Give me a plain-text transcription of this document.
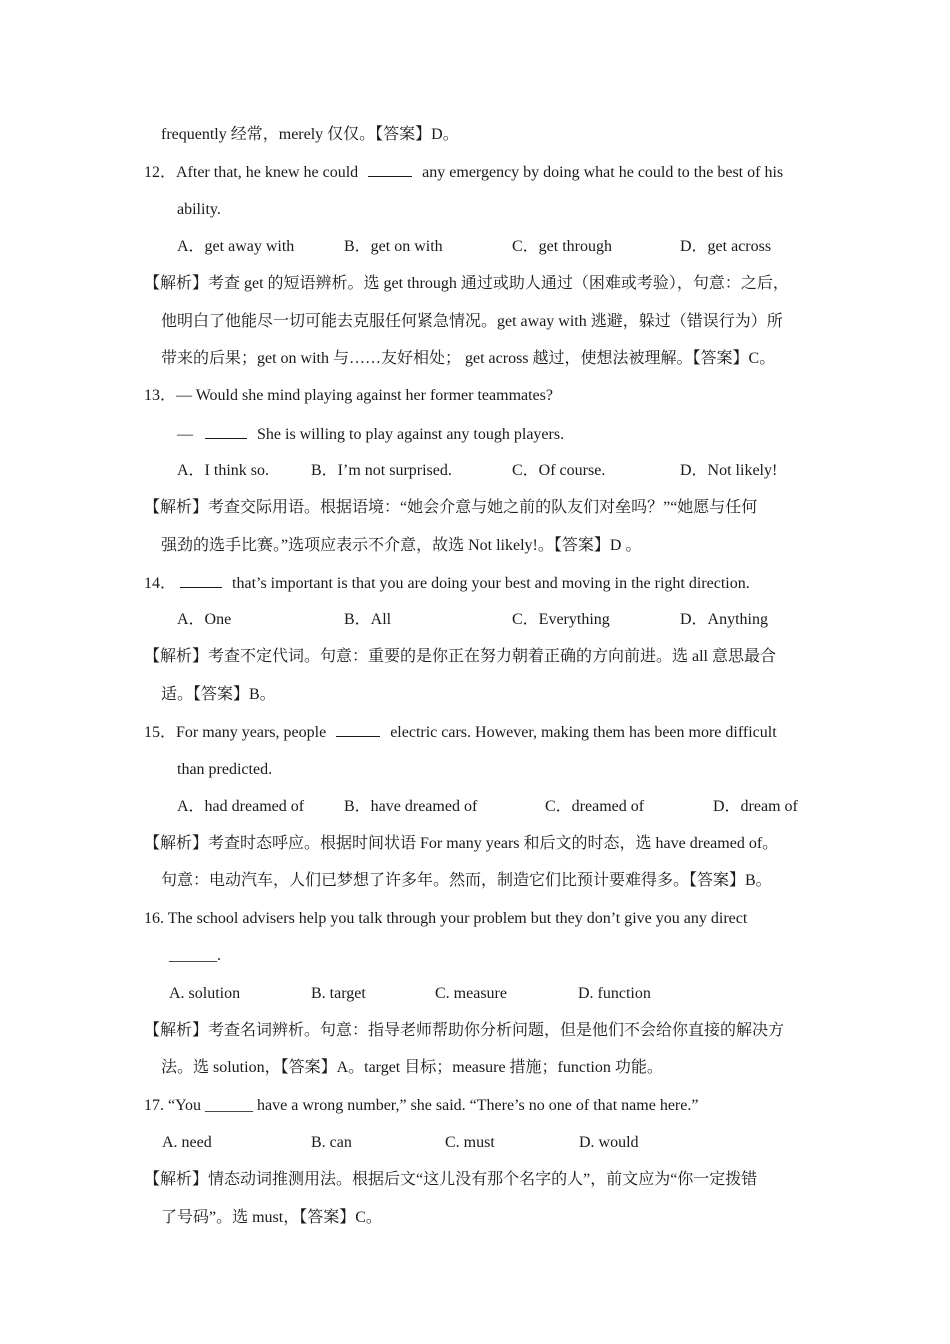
frequently 经常，merely 仅仅。【答案】D。
12．After that, he knew he could	any emergency by doing what he could to the best of his
ability.
A．get away with	B．get on with	C．get through	D．get across
【解析】考查 get 的短语辨析。选 get through 通过或助人通过（困难或考验），句意：之后，
他明白了他能尽一切可能去克服任何紧急情况。get away with 逃避，躲过（错误行为）所
带来的后果；get on with 与……友好相处； get across 越过，使想法被理解。【答案】C。
13．— Would she mind playing against her former teammates?
—	She is willing to play against any tough players.
A．I think so.	B．I’m not surprised.	C．Of course.	D．Not likely!
【解析】考查交际用语。根据语境：“她会介意与她之前的队友们对垒吗？”“她愿与任何
强劲的选手比赛。”选项应表示不介意，故选 Not likely!。【答案】D 。
14．	that’s important is that you are doing your best and moving in the right direction.
A．One	B．All	C．Everything	D．Anything
【解析】考查不定代词。句意：重要的是你正在努力朝着正确的方向前进。选 all 意思最合
适。【答案】B。
15．For many years, people	electric cars. However, making them has been more difficult
than predicted.
A．had dreamed of B．have dreamed of	C．dreamed of	D．dream of
【解析】考查时态呼应。根据时间状语 For many years 和后文的时态，选 have dreamed of。
句意：电动汽车，人们已梦想了许多年。然而，制造它们比预计要难得多。【答案】B。
16. The school advisers help you talk through your problem but they don’t give you any direct
______.
A. solution	B. target	C. measure	D. function
【解析】考查名词辨析。句意：指导老师帮助你分析问题，但是他们不会给你直接的解决方
法。选 solution，【答案】A。target 目标；measure 措施；function 功能。
17. “You ______ have a wrong number,” she said. “There’s no one of that name here.”
A. need	B. can	C. must	D. would
【解析】情态动词推测用法。根据后文“这儿没有那个名字的人”，前文应为“你一定拨错
了号码”。选 must，【答案】C。
